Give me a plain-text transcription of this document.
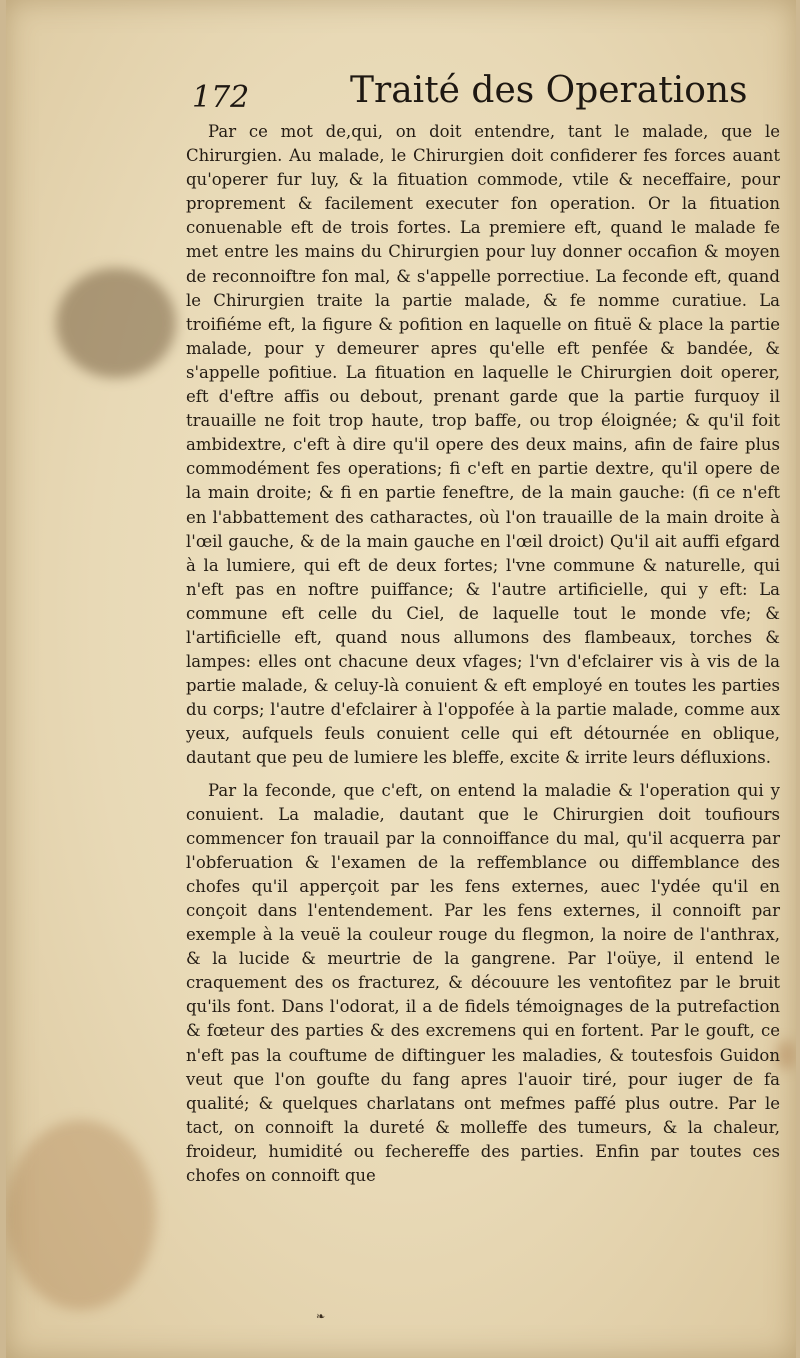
172	Traité des Operations

Par ce mot de,qui, on doit entendre, tant le malade, que le Chirurgien. Au malade, le Chirurgien doit confiderer fes forces auant qu'operer fur luy, & la fituation commode, vtile & neceffaire, pour proprement & facilement executer fon operation. Or la fituation conuenable eft de trois fortes. La premiere eft, quand le malade fe met entre les mains du Chirurgien pour luy donner occafion & moyen de reconnoiftre fon mal, & s'appelle porrectiue. La feconde eft, quand le Chirurgien traite la partie malade, & fe nomme curatiue. La troifiéme eft, la figure & pofition en laquelle on fituë & place la partie malade, pour y demeurer apres qu'elle eft penfée & bandée, & s'appelle pofitiue. La fituation en laquelle le Chirurgien doit operer, eft d'eftre affis ou debout, prenant garde que la partie furquoy il trauaille ne foit trop haute, trop baffe, ou trop éloignée; & qu'il foit ambidextre, c'eft à dire qu'il opere des deux mains, afin de faire plus commodément fes operations; fi c'eft en partie dextre, qu'il opere de la main droite; & fi en partie feneftre, de la main gauche: (fi ce n'eft en l'abbattement des catharactes, où l'on trauaille de la main droite à l'œil gauche, & de la main gauche en l'œil droict) Qu'il ait auffi efgard à la lumiere, qui eft de deux fortes; l'vne commune & naturelle, qui n'eft pas en noftre puiffance; & l'autre artificielle, qui y eft: La commune eft celle du Ciel, de laquelle tout le monde vfe; & l'artificielle eft, quand nous allumons des flambeaux, torches & lampes: elles ont chacune deux vfages; l'vn d'efclairer vis à vis de la partie malade, & celuy-là conuient & eft employé en toutes les parties du corps; l'autre d'efclairer à l'oppofée à la partie malade, comme aux yeux, aufquels feuls conuient celle qui eft détournée en oblique, dautant que peu de lumiere les bleffe, excite & irrite leurs défluxions.

Par la feconde, que c'eft, on entend la maladie & l'operation qui y conuient. La maladie, dautant que le Chirurgien doit toufiours commencer fon trauail par la connoiffance du mal, qu'il acquerra par l'obferuation & l'examen de la reffemblance ou diffemblance des chofes qu'il apperçoit par les fens externes, auec l'ydée qu'il en conçoit dans l'entendement. Par les fens externes, il connoift par exemple à la veuë la couleur rouge du flegmon, la noire de l'anthrax, & la lucide & meurtrie de la gangrene. Par l'oüye, il entend le craquement des os fracturez, & découure les ventofitez par le bruit qu'ils font. Dans l'odorat, il a de fidels témoignages de la putrefaction & fœteur des parties & des excremens qui en fortent. Par le gouft, ce n'eft pas la couftume de diftinguer les maladies, & toutesfois Guidon veut que l'on goufte du fang apres l'auoir tiré, pour iuger de fa qualité; & quelques charlatans ont mefmes paffé plus outre. Par le tact, on connoift la dureté & molleffe des tumeurs, & la chaleur, froideur, humidité ou fechereffe des parties. Enfin par toutes ces chofes on connoift que

❧
